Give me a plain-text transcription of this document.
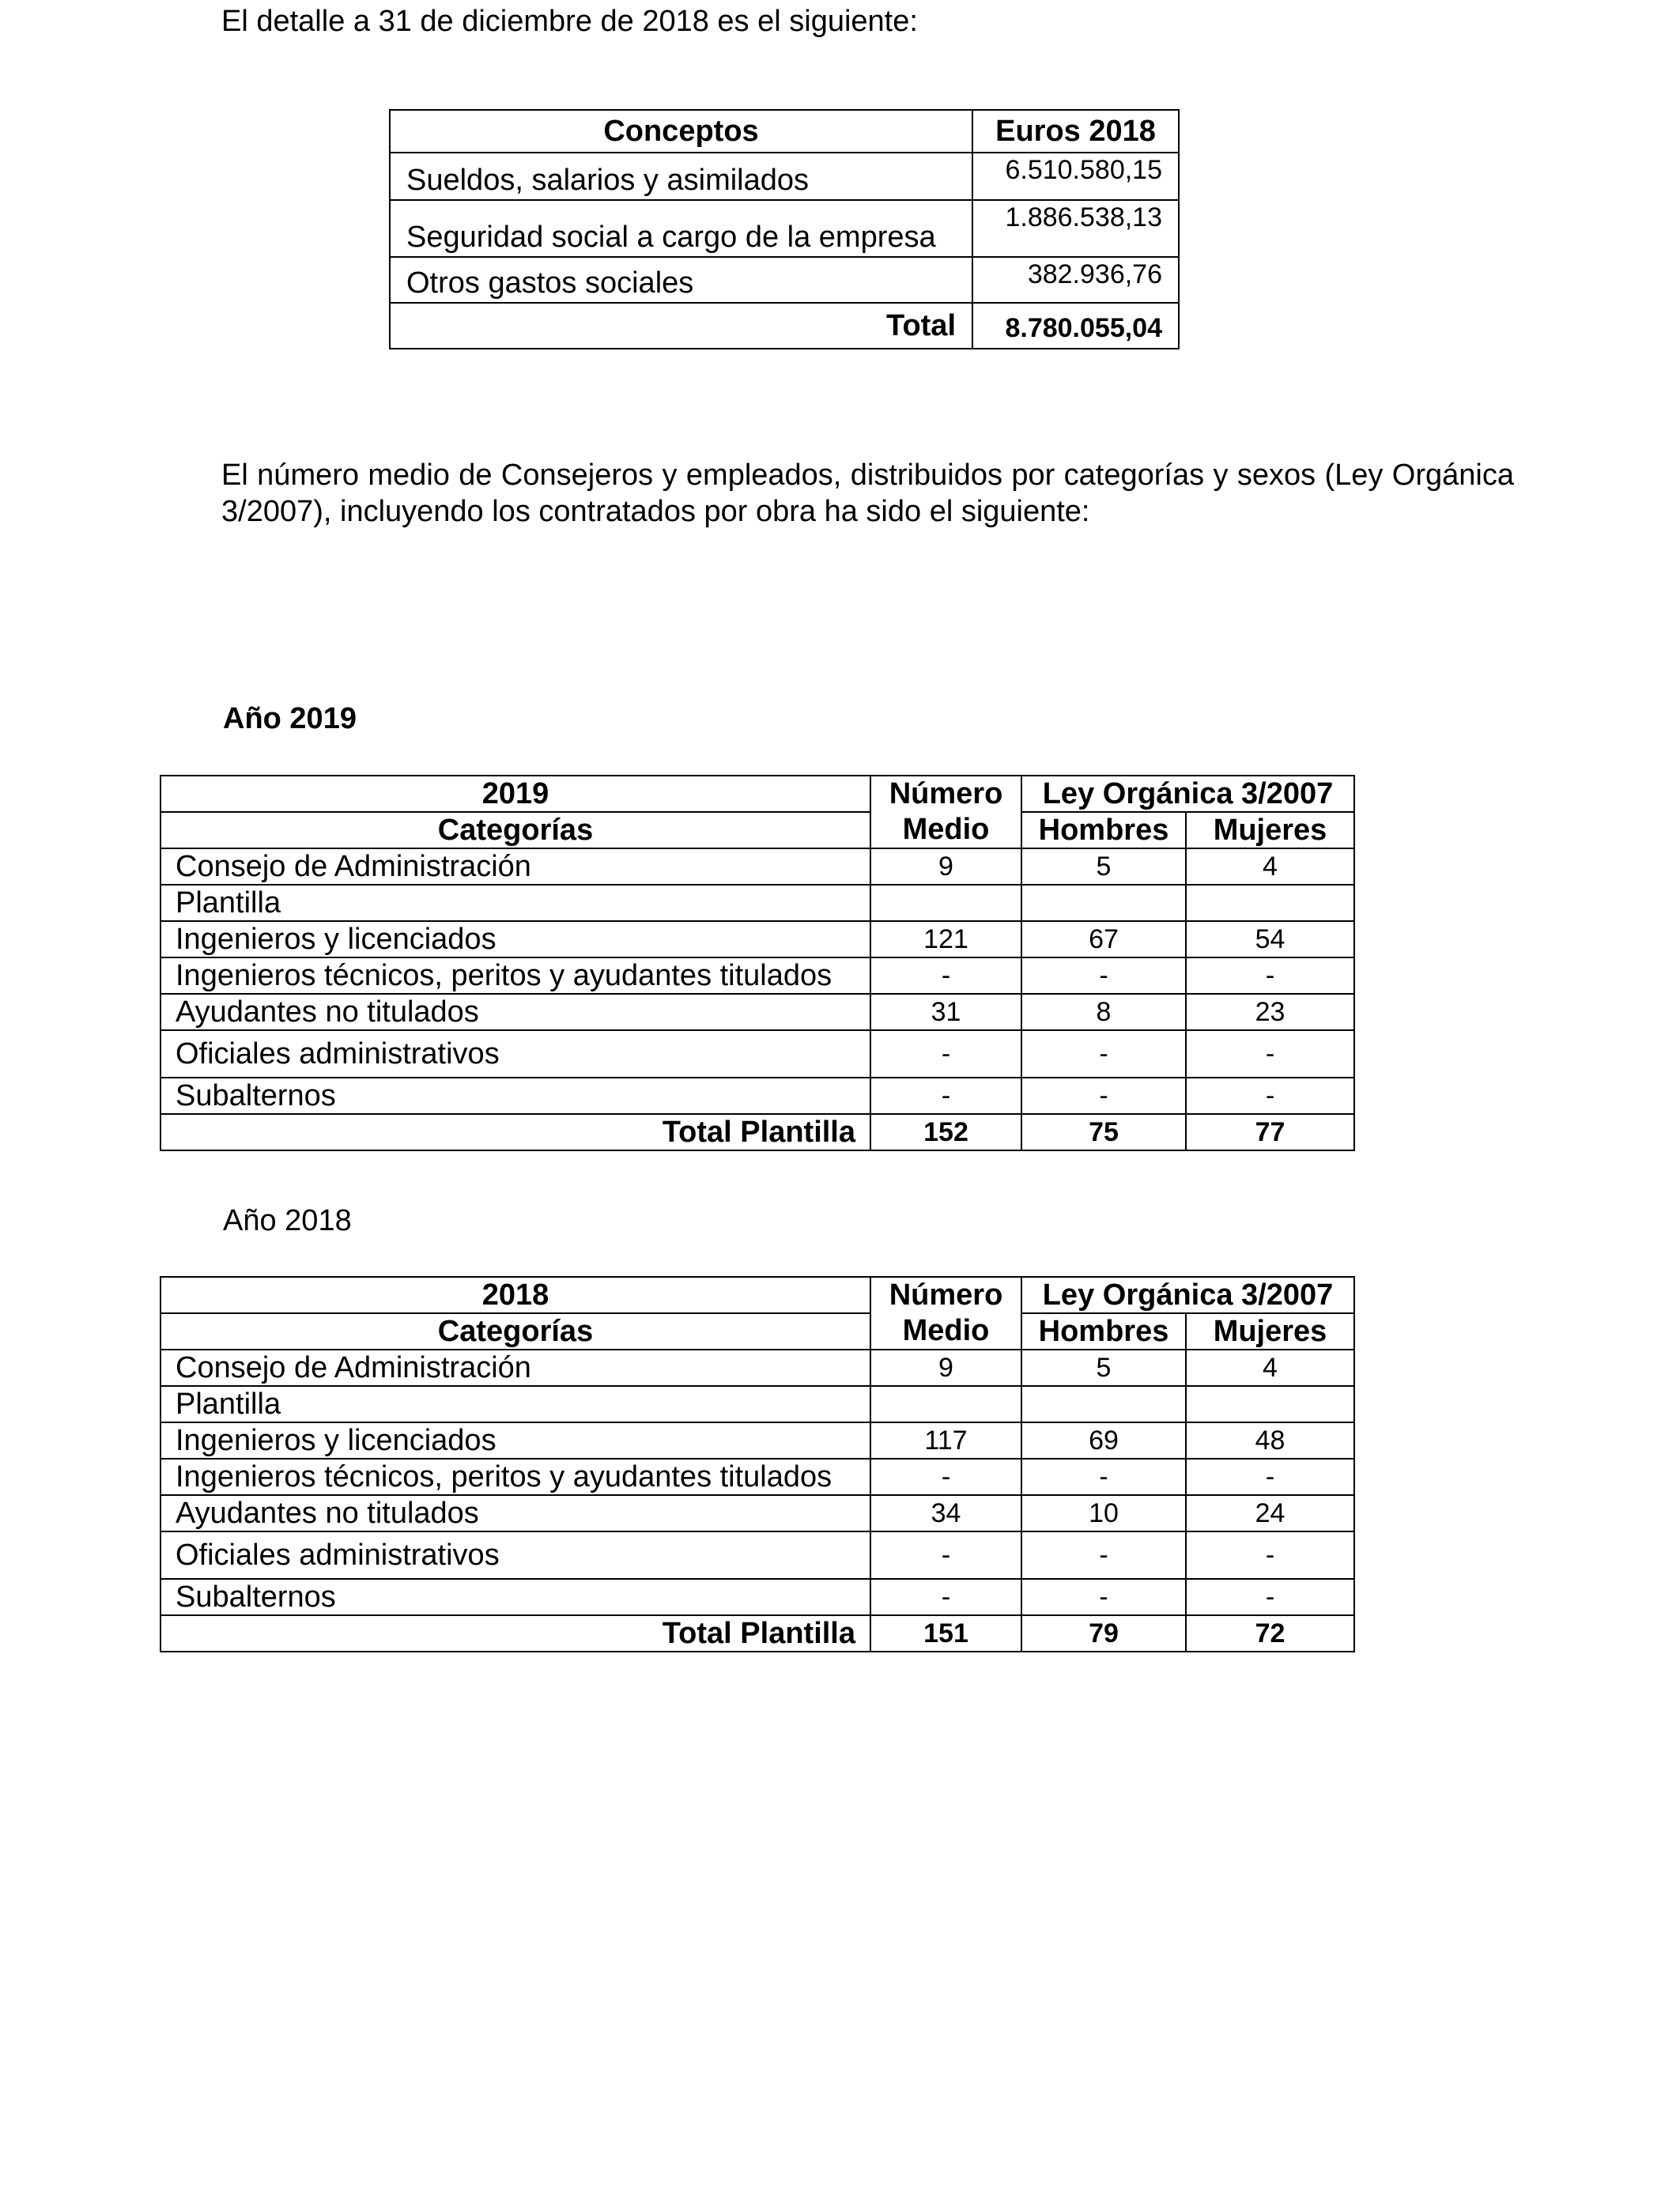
El detalle a 31 de diciembre de 2018 es el siguiente:

Conceptos	Euros 2018
Sueldos, salarios y asimilados	6.510.580,15
Seguridad social a cargo de la empresa	1.886.538,13
Otros gastos sociales	382.936,76
Total	8.780.055,04

El número medio de Consejeros y empleados, distribuidos por categorías y sexos (Ley Orgánica 3/2007), incluyendo los contratados por obra ha sido el siguiente:

Año 2019

2019	Número	Ley Orgánica 3/2007	
Categorías	Medio	Hombres	Mujeres
Consejo de Administración	9	5	4
Plantilla			
Ingenieros y licenciados	121	67	54
Ingenieros técnicos, peritos y ayudantes titulados	-	-	-
Ayudantes no titulados	31	8	23
Oficiales administrativos	-	-	-
Subalternos	-	-	-
Total Plantilla	152	75	77

Año 2018

2018	Número	Ley Orgánica 3/2007	
Categorías	Medio	Hombres	Mujeres
Consejo de Administración	9	5	4
Plantilla			
Ingenieros y licenciados	117	69	48
Ingenieros técnicos, peritos y ayudantes titulados	-	-	-
Ayudantes no titulados	34	10	24
Oficiales administrativos	-	-	-
Subalternos	-	-	-
Total Plantilla	151	79	72
